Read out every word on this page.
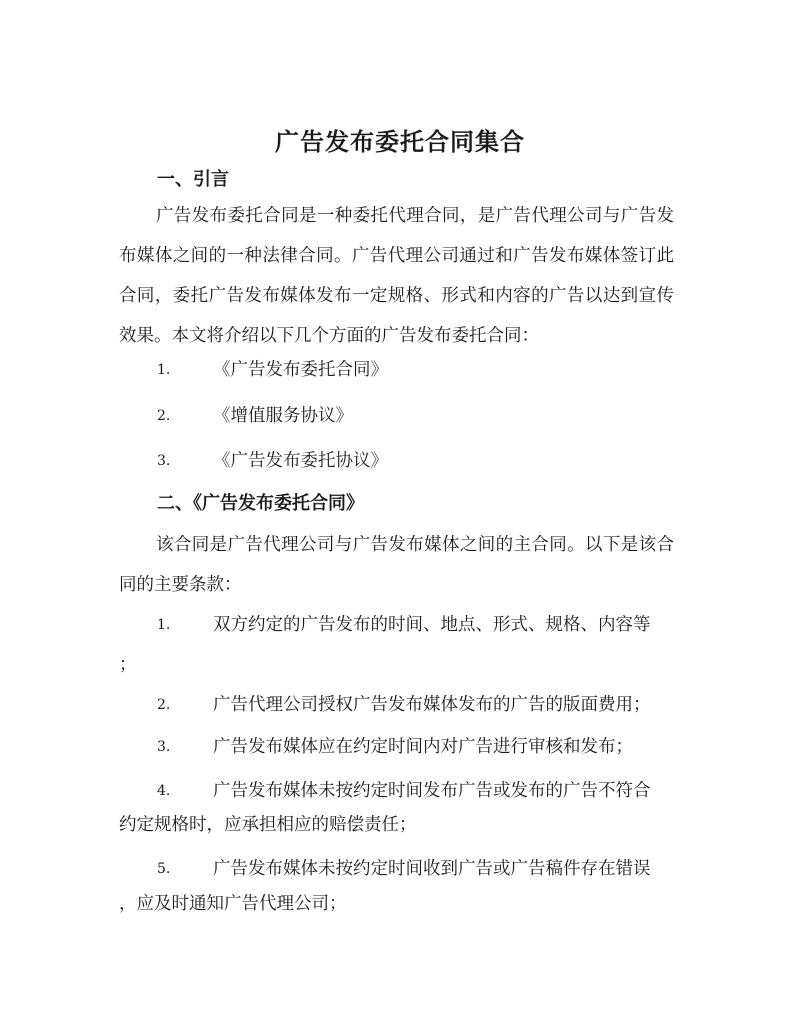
广告发布委托合同集合
一、引言
广告发布委托合同是一种委托代理合同，是广告代理公司与广告发布媒体之间的一种法律合同。广告代理公司通过和广告发布媒体签订此合同，委托广告发布媒体发布一定规格、形式和内容的广告以达到宣传效果。本文将介绍以下几个方面的广告发布委托合同：
1. 《广告发布委托合同》
2. 《增值服务协议》
3. 《广告发布委托协议》
二、《广告发布委托合同》
该合同是广告代理公司与广告发布媒体之间的主合同。以下是该合同的主要条款：
1. 双方约定的广告发布的时间、地点、形式、规格、内容等
；
2. 广告代理公司授权广告发布媒体发布的广告的版面费用；
3. 广告发布媒体应在约定时间内对广告进行审核和发布；
4. 广告发布媒体未按约定时间发布广告或发布的广告不符合
约定规格时，应承担相应的赔偿责任；
5. 广告发布媒体未按约定时间收到广告或广告稿件存在错误
，应及时通知广告代理公司；
